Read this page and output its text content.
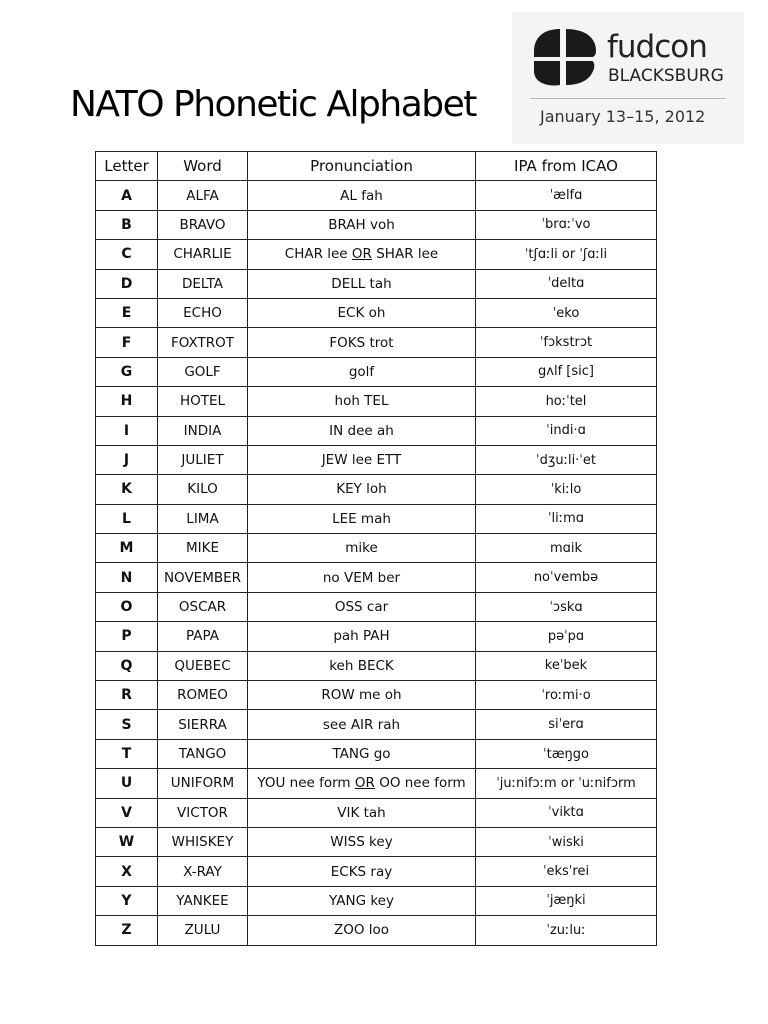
NATO Phonetic Alphabet
fudcon
BLACKSBURG
January 13–15, 2012
Letter	Word	Pronunciation	IPA from ICAO
A	ALFA	AL fah	ˈælfɑ
B	BRAVO	BRAH voh	ˈbrɑːˈvo
C	CHARLIE	CHAR lee OR SHAR lee	ˈtʃɑːli or ˈʃɑːli
D	DELTA	DELL tah	ˈdeltɑ
E	ECHO	ECK oh	ˈeko
F	FOXTROT	FOKS trot	ˈfɔkstrɔt
G	GOLF	golf	gʌlf [sic]
H	HOTEL	hoh TEL	hoːˈtel
I	INDIA	IN dee ah	ˈindi·ɑ
J	JULIET	JEW lee ETT	ˈdʒuːli·ˈet
K	KILO	KEY loh	ˈkiːlo
L	LIMA	LEE mah	ˈliːmɑ
M	MIKE	mike	mɑik
N	NOVEMBER	no VEM ber	noˈvembə
O	OSCAR	OSS car	ˈɔskɑ
P	PAPA	pah PAH	pəˈpɑ
Q	QUEBEC	keh BECK	keˈbek
R	ROMEO	ROW me oh	ˈroːmi·o
S	SIERRA	see AIR rah	siˈerɑ
T	TANGO	TANG go	ˈtæŋgo
U	UNIFORM	YOU nee form OR OO nee form	ˈjuːnifɔːm or ˈuːnifɔrm
V	VICTOR	VIK tah	ˈviktɑ
W	WHISKEY	WISS key	ˈwiski
X	X-RAY	ECKS ray	ˈeksˈrei
Y	YANKEE	YANG key	ˈjæŋki
Z	ZULU	ZOO loo	ˈzuːluː
